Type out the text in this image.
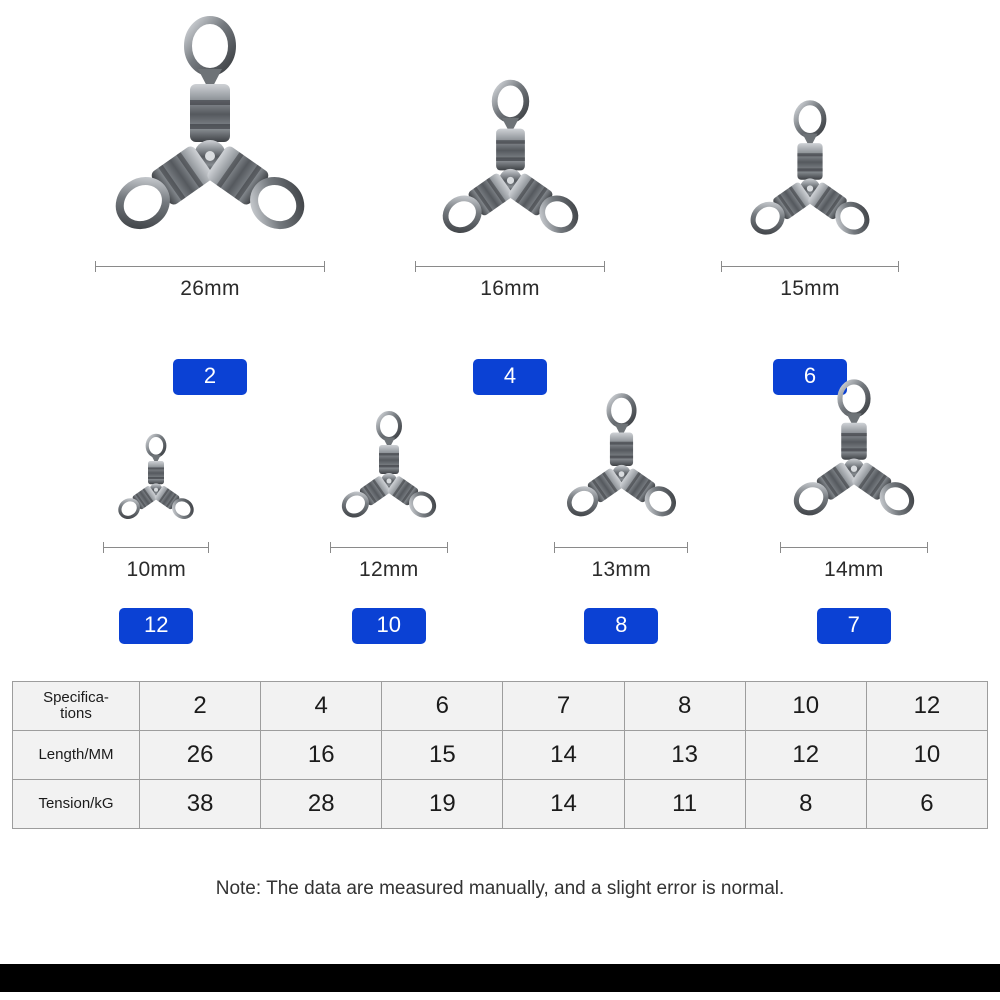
26mm
2
16mm
4
15mm
6
10mm
12
12mm
10
13mm
8
14mm
7
Specifica-
tions	2	4	6	7	8	10	12
Length/MM	26	16	15	14	13	12	10
Tension/kG	38	28	19	14	11	8	6
Note: The data are measured manually, and a slight error is normal.
